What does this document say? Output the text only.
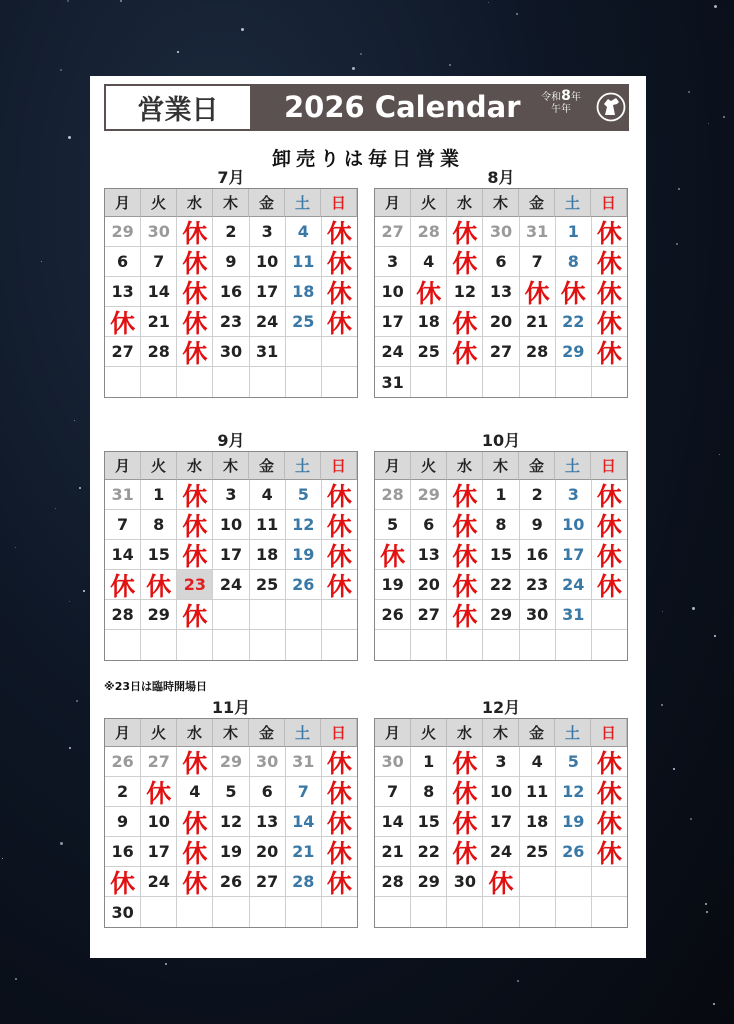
営業日	2026 Calendar	令和8年
午年
卸売りは毎日営業
7月
月	火	水	木	金	土	日
29 30 休	2	3	4 休
6	7 休	9	10 11 休
13 14 休 16 17 18 休
休 21 休 23 24 25 休
27 28 休 30 31
8月
月	火	水	木	金	土	日
27 28 休 30 31	1 休
3	4 休	6	7	8 休
10 休 12 13 休 休 休
17 18 休 20 21 22 休
24 25 休 27 28 29 休
31
9月
月	火	水	木	金	土	日
31	1 休	3	4	5 休
7	8 休 10 11 12 休
14 15 休 17 18 19 休
休 休 23 24 25 26 休
28 29 休
10月
月	火	水	木	金	土	日
28 29 休	1	2	3 休
5	6 休	8	9	10 休
休 13 休 15 16 17 休
19 20 休 22 23 24 休
26 27 休 29 30 31
11月
月	火	水	木	金	土	日
26 27 休 29 30 31 休
2 休	4	5	6	7 休
9	10 休 12 13 14 休
16 17 休 19 20 21 休
休 24 休 26 27 28 休
30
12月
月	火	水	木	金	土	日
30	1 休	3	4	5 休
7	8 休 10 11 12 休
14 15 休 17 18 19 休
21 22 休 24 25 26 休
28 29 30 休
※23日は臨時開場日
